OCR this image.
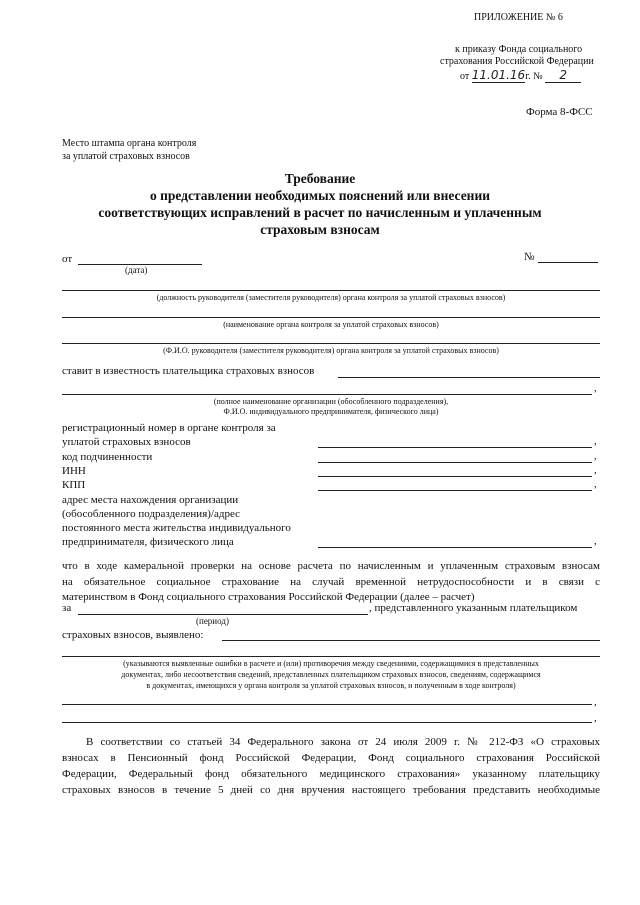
ПРИЛОЖЕНИЕ № 6
к приказу Фонда социального
страхования Российской Федерации
от 11.01.16г. № 2
Форма 8-ФСС
Место штампа органа контроля
за уплатой страховых взносов
Требование
о представлении необходимых пояснений или внесении
соответствующих исправлений в расчет по начисленным и уплаченным
страховым взносам
от
(дата)
№
(должность руководителя (заместителя руководителя) органа контроля за уплатой страховых взносов)
(наименование органа контроля за уплатой страховых взносов)
(Ф.И.О. руководителя (заместителя руководителя) органа контроля за уплатой страховых взносов)
ставит в известность плательщика страховых взносов
,
(полное наименование организации (обособленного подразделения),
Ф.И.О. индивидуального предпринимателя, физического лица)
регистрационный номер в органе контроля за
уплатой страховых взносов	,
код подчиненности	,
ИНН	,
КПП	,
адрес места нахождения организации
(обособленного подразделения)/адрес
постоянного места жительства индивидуального
предпринимателя, физического лица	,
что в ходе камеральной проверки на основе расчета по начисленным и уплаченным страховым взносам
на обязательное социальное страхование на случай временной нетрудоспособности и в связи с
материнством в Фонд социального страхования Российской Федерации (далее – расчет)
за	, представленного указанным плательщиком
(период)
страховых взносов, выявлено:
(указываются выявленные ошибки в расчете и (или) противоречия между сведениями, содержащимися в представленных
документах, либо несоответствия сведений, представленных плательщиком страховых взносов, сведениям, содержащимся
в документах, имеющихся у органа контроля за уплатой страховых взносов, и полученным в ходе контроля)
,
,
В соответствии со статьей 34 Федерального закона от 24 июля 2009 г. № 212-ФЗ «О страховых
взносах в Пенсионный фонд Российской Федерации, Фонд социального страхования Российской
Федерации, Федеральный фонд обязательного медицинского страхования» указанному плательщику
страховых взносов в течение 5 дней со дня вручения настоящего требования представить необходимые
